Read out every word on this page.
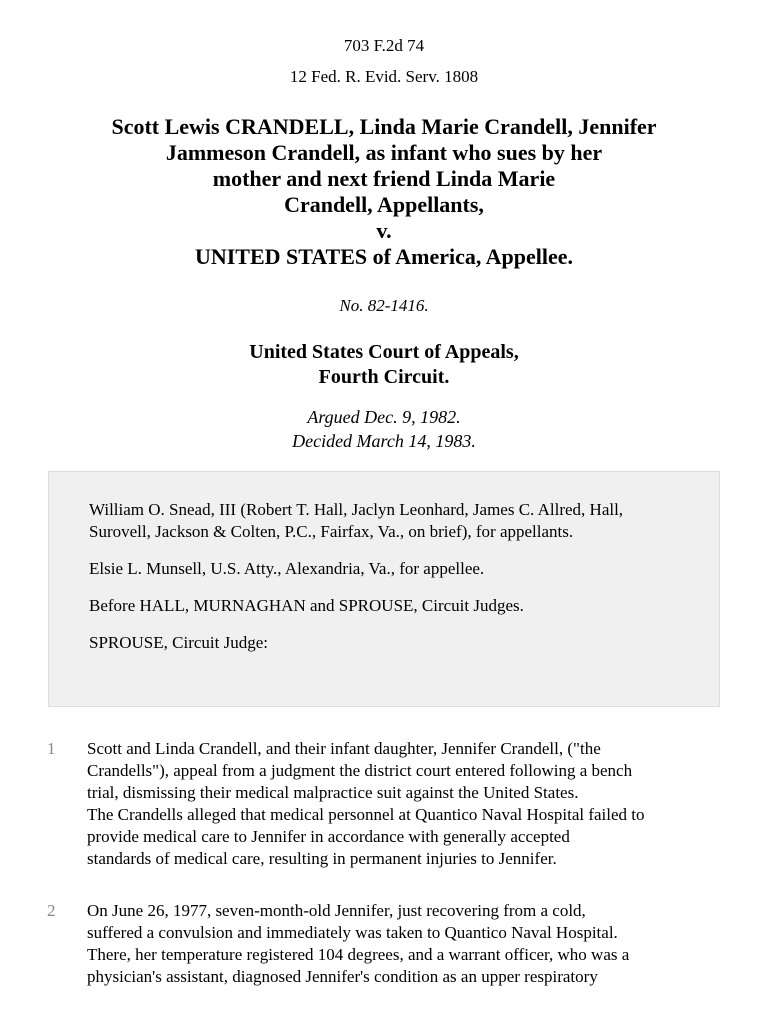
703 F.2d 74
12 Fed. R. Evid. Serv. 1808
Scott Lewis CRANDELL, Linda Marie Crandell, Jennifer
Jammeson Crandell, as infant who sues by her
mother and next friend Linda Marie
Crandell, Appellants,
v.
UNITED STATES of America, Appellee.
No. 82-1416.
United States Court of Appeals,
Fourth Circuit.
Argued Dec. 9, 1982.
Decided March 14, 1983.

William O. Snead, III (Robert T. Hall, Jaclyn Leonhard, James C. Allred, Hall, Surovell, Jackson & Colten, P.C., Fairfax, Va., on brief), for appellants.

Elsie L. Munsell, U.S. Atty., Alexandria, Va., for appellee.

Before HALL, MURNAGHAN and SPROUSE, Circuit Judges.

SPROUSE, Circuit Judge:

1 Scott and Linda Crandell, and their infant daughter, Jennifer Crandell, ("the
Crandells"), appeal from a judgment the district court entered following a bench
trial, dismissing their medical malpractice suit against the United States.
The Crandells alleged that medical personnel at Quantico Naval Hospital failed to
provide medical care to Jennifer in accordance with generally accepted
standards of medical care, resulting in permanent injuries to Jennifer.
2 On June 26, 1977, seven-month-old Jennifer, just recovering from a cold,
suffered a convulsion and immediately was taken to Quantico Naval Hospital.
There, her temperature registered 104 degrees, and a warrant officer, who was a
physician's assistant, diagnosed Jennifer's condition as an upper respiratory
